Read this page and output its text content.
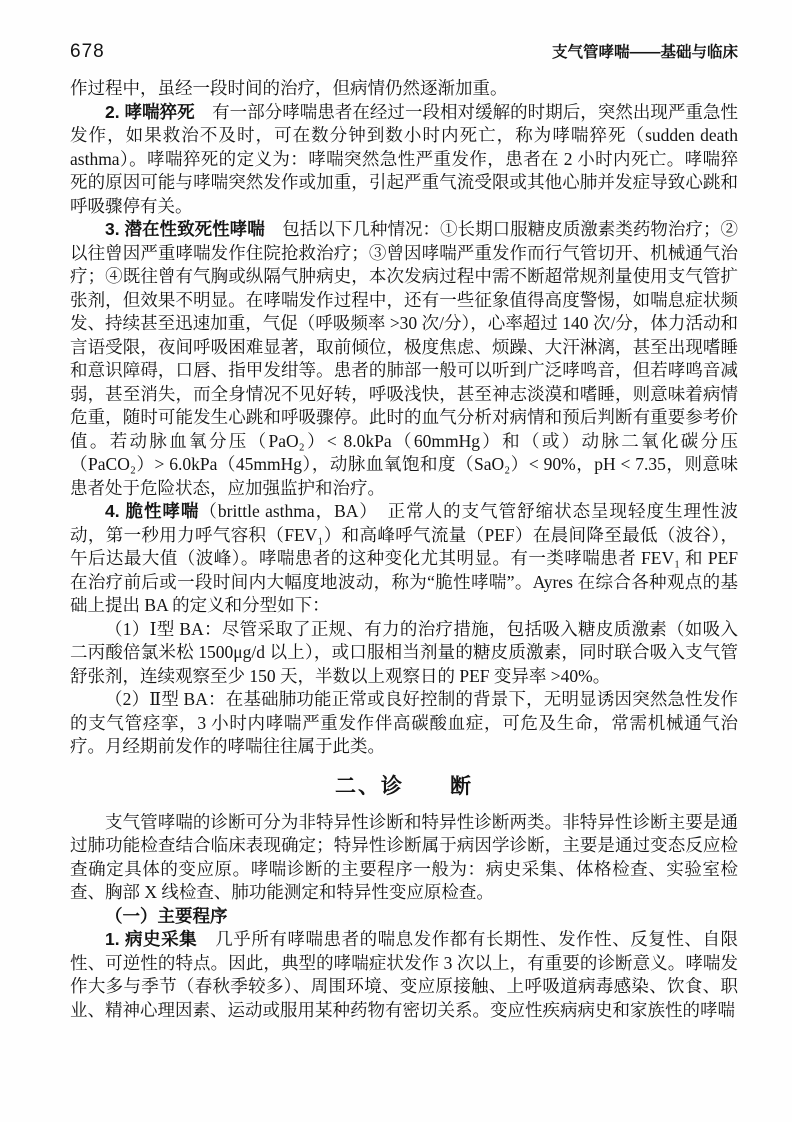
678	支气管哮喘——基础与临床

作过程中，虽经一段时间的治疗，但病情仍然逐渐加重。

2. 哮喘猝死　有一部分哮喘患者在经过一段相对缓解的时期后，突然出现严重急性发作，如果救治不及时，可在数分钟到数小时内死亡，称为哮喘猝死（sudden death asthma）。哮喘猝死的定义为：哮喘突然急性严重发作，患者在 2 小时内死亡。哮喘猝死的原因可能与哮喘突然发作或加重，引起严重气流受限或其他心肺并发症导致心跳和呼吸骤停有关。

3. 潜在性致死性哮喘　包括以下几种情况：①长期口服糖皮质激素类药物治疗；②以往曾因严重哮喘发作住院抢救治疗；③曾因哮喘严重发作而行气管切开、机械通气治疗；④既往曾有气胸或纵隔气肿病史，本次发病过程中需不断超常规剂量使用支气管扩张剂，但效果不明显。在哮喘发作过程中，还有一些征象值得高度警惕，如喘息症状频发、持续甚至迅速加重，气促（呼吸频率 >30 次/分），心率超过 140 次/分，体力活动和言语受限，夜间呼吸困难显著，取前倾位，极度焦虑、烦躁、大汗淋漓，甚至出现嗜睡和意识障碍，口唇、指甲发绀等。患者的肺部一般可以听到广泛哮鸣音，但若哮鸣音减弱，甚至消失，而全身情况不见好转，呼吸浅快，甚至神志淡漠和嗜睡，则意味着病情危重，随时可能发生心跳和呼吸骤停。此时的血气分析对病情和预后判断有重要参考价值。若动脉血氧分压（PaO₂）< 8.0kPa（60mmHg）和（或）动脉二氧化碳分压（PaCO₂）> 6.0kPa（45mmHg），动脉血氧饱和度（SaO₂）< 90%，pH < 7.35，则意味患者处于危险状态，应加强监护和治疗。

4. 脆性哮喘（brittle asthma，BA）　正常人的支气管舒缩状态呈现轻度生理性波动，第一秒用力呼气容积（FEV₁）和高峰呼气流量（PEF）在晨间降至最低（波谷），午后达最大值（波峰）。哮喘患者的这种变化尤其明显。有一类哮喘患者 FEV₁ 和 PEF 在治疗前后或一段时间内大幅度地波动，称为“脆性哮喘”。Ayres 在综合各种观点的基础上提出 BA 的定义和分型如下：

（1）Ⅰ型 BA：尽管采取了正规、有力的治疗措施，包括吸入糖皮质激素（如吸入二丙酸倍氯米松 1500μg/d 以上），或口服相当剂量的糖皮质激素，同时联合吸入支气管舒张剂，连续观察至少 150 天，半数以上观察日的 PEF 变异率 >40%。

（2）Ⅱ型 BA：在基础肺功能正常或良好控制的背景下，无明显诱因突然急性发作的支气管痉挛，3 小时内哮喘严重发作伴高碳酸血症，可危及生命，常需机械通气治疗。月经期前发作的哮喘往往属于此类。

二、诊　　断

支气管哮喘的诊断可分为非特异性诊断和特异性诊断两类。非特异性诊断主要是通过肺功能检查结合临床表现确定；特异性诊断属于病因学诊断，主要是通过变态反应检查确定具体的变应原。哮喘诊断的主要程序一般为：病史采集、体格检查、实验室检查、胸部 X 线检查、肺功能测定和特异性变应原检查。

（一）主要程序

1. 病史采集　几乎所有哮喘患者的喘息发作都有长期性、发作性、反复性、自限性、可逆性的特点。因此，典型的哮喘症状发作 3 次以上，有重要的诊断意义。哮喘发作大多与季节（春秋季较多）、周围环境、变应原接触、上呼吸道病毒感染、饮食、职业、精神心理因素、运动或服用某种药物有密切关系。变应性疾病病史和家族性的哮喘
